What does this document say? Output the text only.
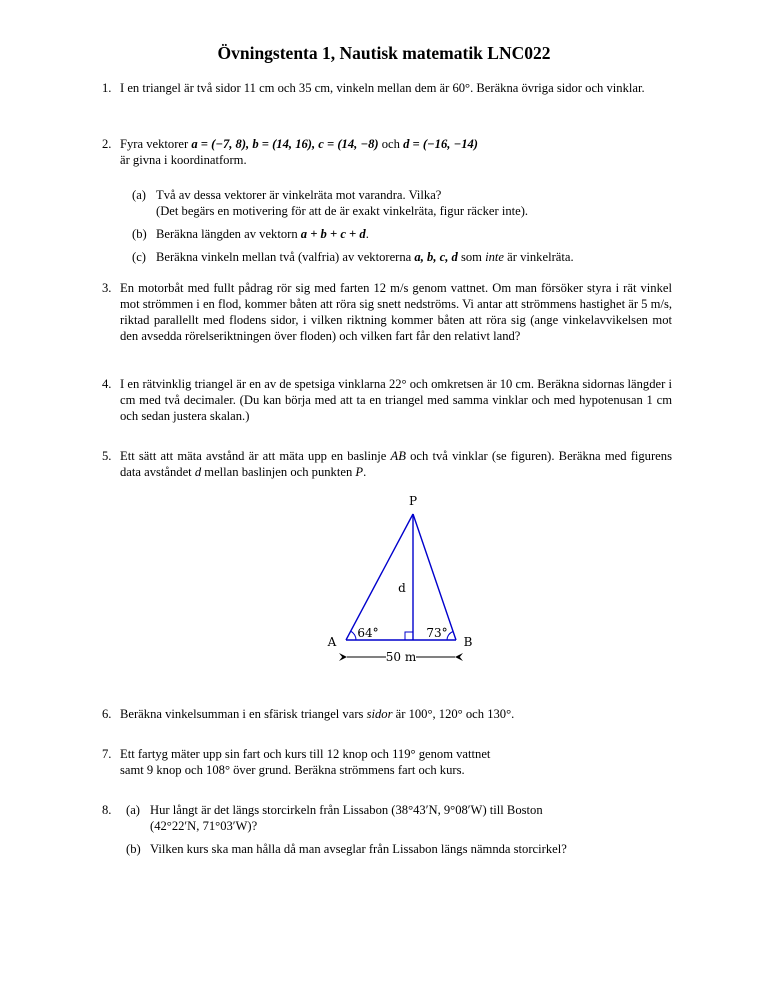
Övningstenta 1, Nautisk matematik LNC022
1. I en triangel är två sidor 11 cm och 35 cm, vinkeln mellan dem är 60°. Beräkna övriga sidor och vinklar.
2. Fyra vektorer a = (−7, 8), b = (14, 16), c = (14, −8) och d = (−16, −14)
är givna i koordinatform.
(a) Två av dessa vektorer är vinkelräta mot varandra. Vilka?
(Det begärs en motivering för att de är exakt vinkelräta, figur räcker inte).
(b) Beräkna längden av vektorn a + b + c + d.
(c) Beräkna vinkeln mellan två (valfria) av vektorerna a, b, c, d som inte är vinkelräta.
3. En motorbåt med fullt pådrag rör sig med farten 12 m/s genom vattnet. Om man försöker styra i rät vinkel mot strömmen i en flod, kommer båten att röra sig snett nedströms. Vi antar att strömmens hastighet är 5 m/s, riktad parallellt med flodens sidor, i vilken riktning kommer båten att röra sig (ange vinkelavvikelsen mot den avsedda rörelseriktningen över floden) och vilken fart får den relativt land?
4. I en rätvinklig triangel är en av de spetsiga vinklarna 22° och omkretsen är 10 cm. Beräkna sidornas längder i cm med två decimaler. (Du kan börja med att ta en triangel med samma vinklar och med hypotenusan 1 cm och sedan justera skalan.)
5. Ett sätt att mäta avstånd är att mäta upp en baslinje AB och två vinklar (se figuren). Beräkna med figurens data avståndet d mellan baslinjen och punkten P.
P
A	B
d
64°	73°
50 m
6. Beräkna vinkelsumman i en sfärisk triangel vars sidor är 100°, 120° och 130°.
7. Ett fartyg mäter upp sin fart och kurs till 12 knop och 119° genom vattnet
samt 9 knop och 108° över grund. Beräkna strömmens fart och kurs.
8.	(a) Hur långt är det längs storcirkeln från Lissabon (38°43′N, 9°08′W) till Boston
(42°22′N, 71°03′W)?
(b) Vilken kurs ska man hålla då man avseglar från Lissabon längs nämnda storcirkel?
